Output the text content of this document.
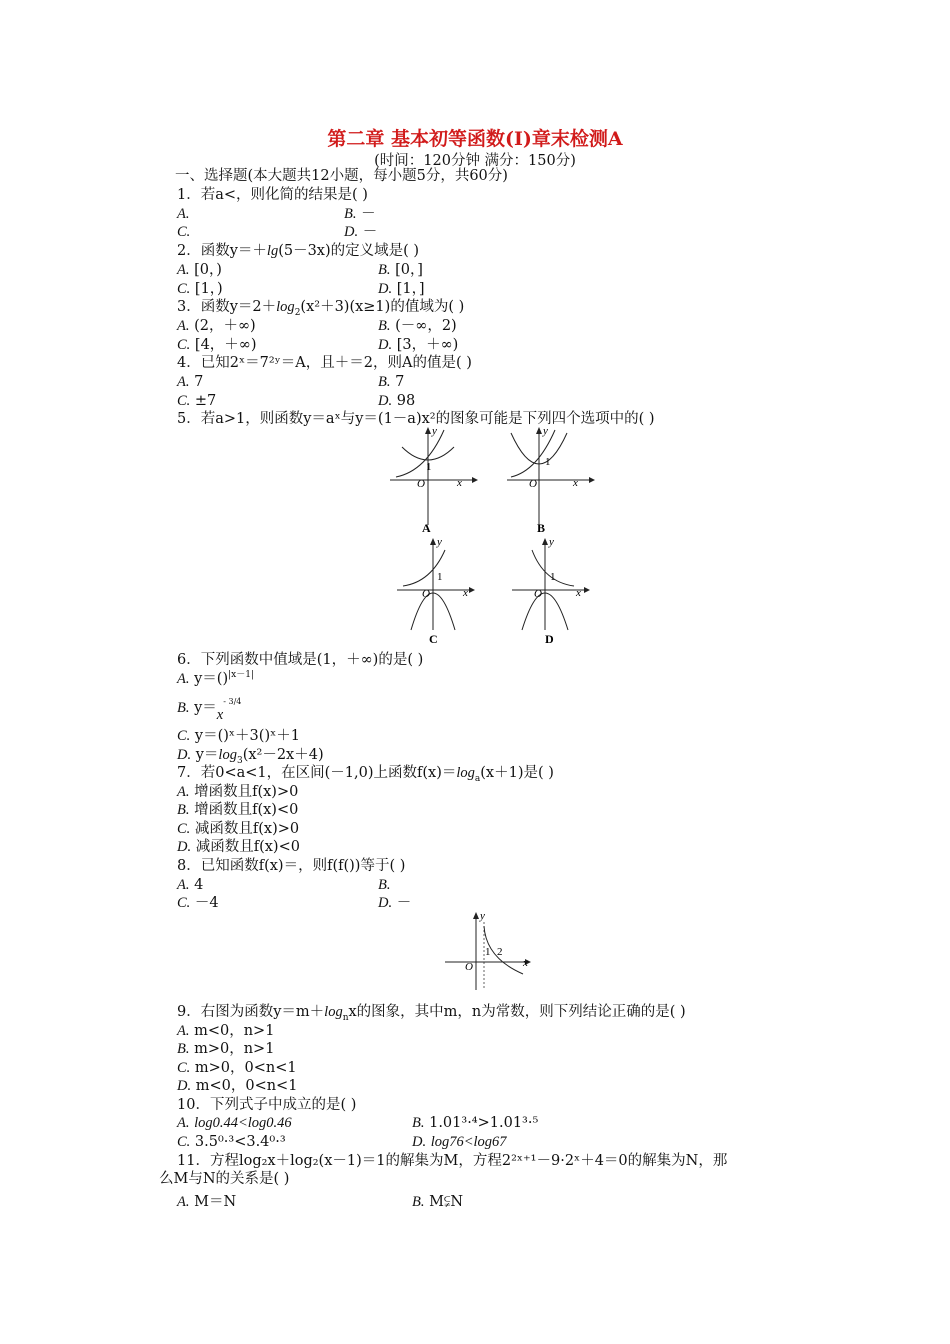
第二章 基本初等函数(I)章末检测A
(时间：120分钟 满分：150分)
一、选择题(本大题共12小题，每小题5分，共60分)
1．若a<，则化简的结果是( )
A.	B. －
C.	D. －
2．函数y＝＋lg(5－3x)的定义域是( )
A. [0，)	B. [0，]
C. [1，)	D. [1，]
3．函数$y=2+\log_2(x^2+3)(x\ge 1)$的值域为( )
A. (2，＋∞)	B. (－∞，2)
C. [4，＋∞)	D. [3，＋∞)
4．已知2ˣ＝7²ʸ＝A，且＋＝2，则A的值是( )
A. 7	B. 7
C. ±7	D. 98
5．若a>1，则函数y＝aˣ与y＝(1－a)x²的图象可能是下列四个选项中的( )
y
1
O	x
A
y
1
O	x
B
y
1
O	x
C
y
1
O	x
D
6．下列函数中值域是(1，＋∞)的是( )
A. y＝()$^{|x-1|}$
B. $y=x^{- 3/4}$
C. y＝()ˣ＋3()ˣ＋1
D. $y=\log_3(x^2-2x+4)$
7．若0<a<1，在区间(－1,0)上函数$f(x)=\log_a(x+1)$是( )
A. 增函数且f(x)>0
B. 增函数且f(x)<0
C. 减函数且f(x)>0
D. 减函数且f(x)<0
8．已知函数f(x)＝，则f(f())等于( )
A. 4	B.
C. －4	D. －
y
1 2
O	x
9．右图为函数$y=m+\log_nx$的图象，其中m，n为常数，则下列结论正确的是( )
A. m<0，n>1
B. m>0，n>1
C. m>0，0<n<1
D. m<0，0<n<1
10．下列式子中成立的是( )
A. log0.44<log0.46	B. 1.01³·⁴>1.01³·⁵
C. 3.5⁰·³<3.4⁰·³	D. log76<log67
11．方程log₂x＋log₂(x－1)＝1的解集为M，方程2²ˣ⁺¹－9·2ˣ＋4＝0的解集为N，那
么M与N的关系是( )
A. M＝N	B. M⫋N
